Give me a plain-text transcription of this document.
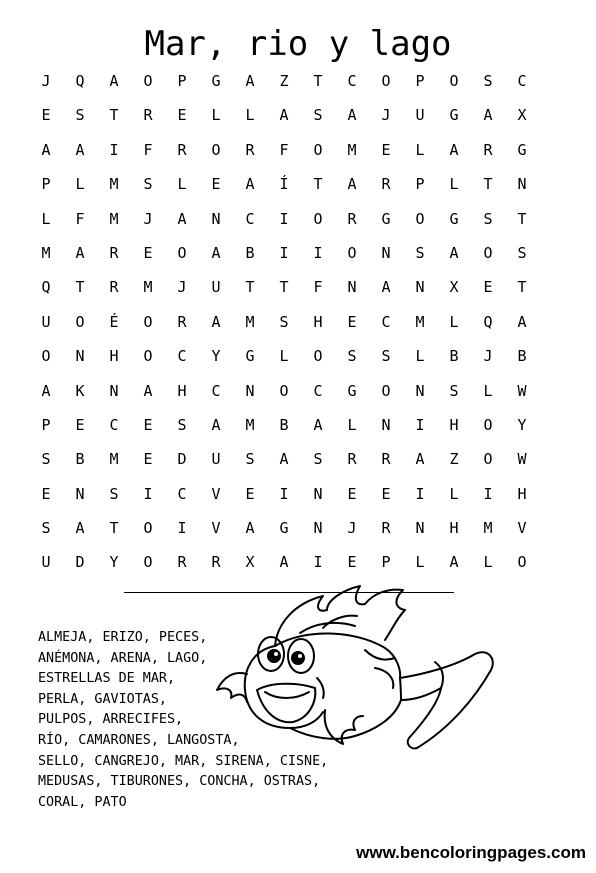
Mar, rio y lago
J	Q	A	O	P	G	A	Z	T	C	O	P	O	S	C
E	S	T	R	E	L	L	A	S	A	J	U	G	A	X
A	A	I	F	R	O	R	F	O	M	E	L	A	R	G
P	L	M	S	L	E	A	Í	T	A	R	P	L	T	N
L	F	M	J	A	N	C	I	O	R	G	O	G	S	T
M	A	R	E	O	A	B	I	I	O	N	S	A	O	S
Q	T	R	M	J	U	T	T	F	N	A	N	X	E	T
U	O	É	O	R	A	M	S	H	E	C	M	L	Q	A
O	N	H	O	C	Y	G	L	O	S	S	L	B	J	B
A	K	N	A	H	C	N	O	C	G	O	N	S	L	W
P	E	C	E	S	A	M	B	A	L	N	I	H	O	Y
S	B	M	E	D	U	S	A	S	R	R	A	Z	O	W
E	N	S	I	C	V	E	I	N	E	E	I	L	I	H
S	A	T	O	I	V	A	G	N	J	R	N	H	M	V
U	D	Y	O	R	R	X	A	I	E	P	L	A	L	O
ALMEJA, ERIZO, PECES,
ANÉMONA, ARENA, LAGO,
ESTRELLAS DE MAR,
PERLA, GAVIOTAS,
PULPOS, ARRECIFES,
RÍO, CAMARONES, LANGOSTA,
SELLO, CANGREJO, MAR, SIRENA, CISNE,
MEDUSAS, TIBURONES, CONCHA, OSTRAS,
CORAL, PATO
www.bencoloringpages.com
